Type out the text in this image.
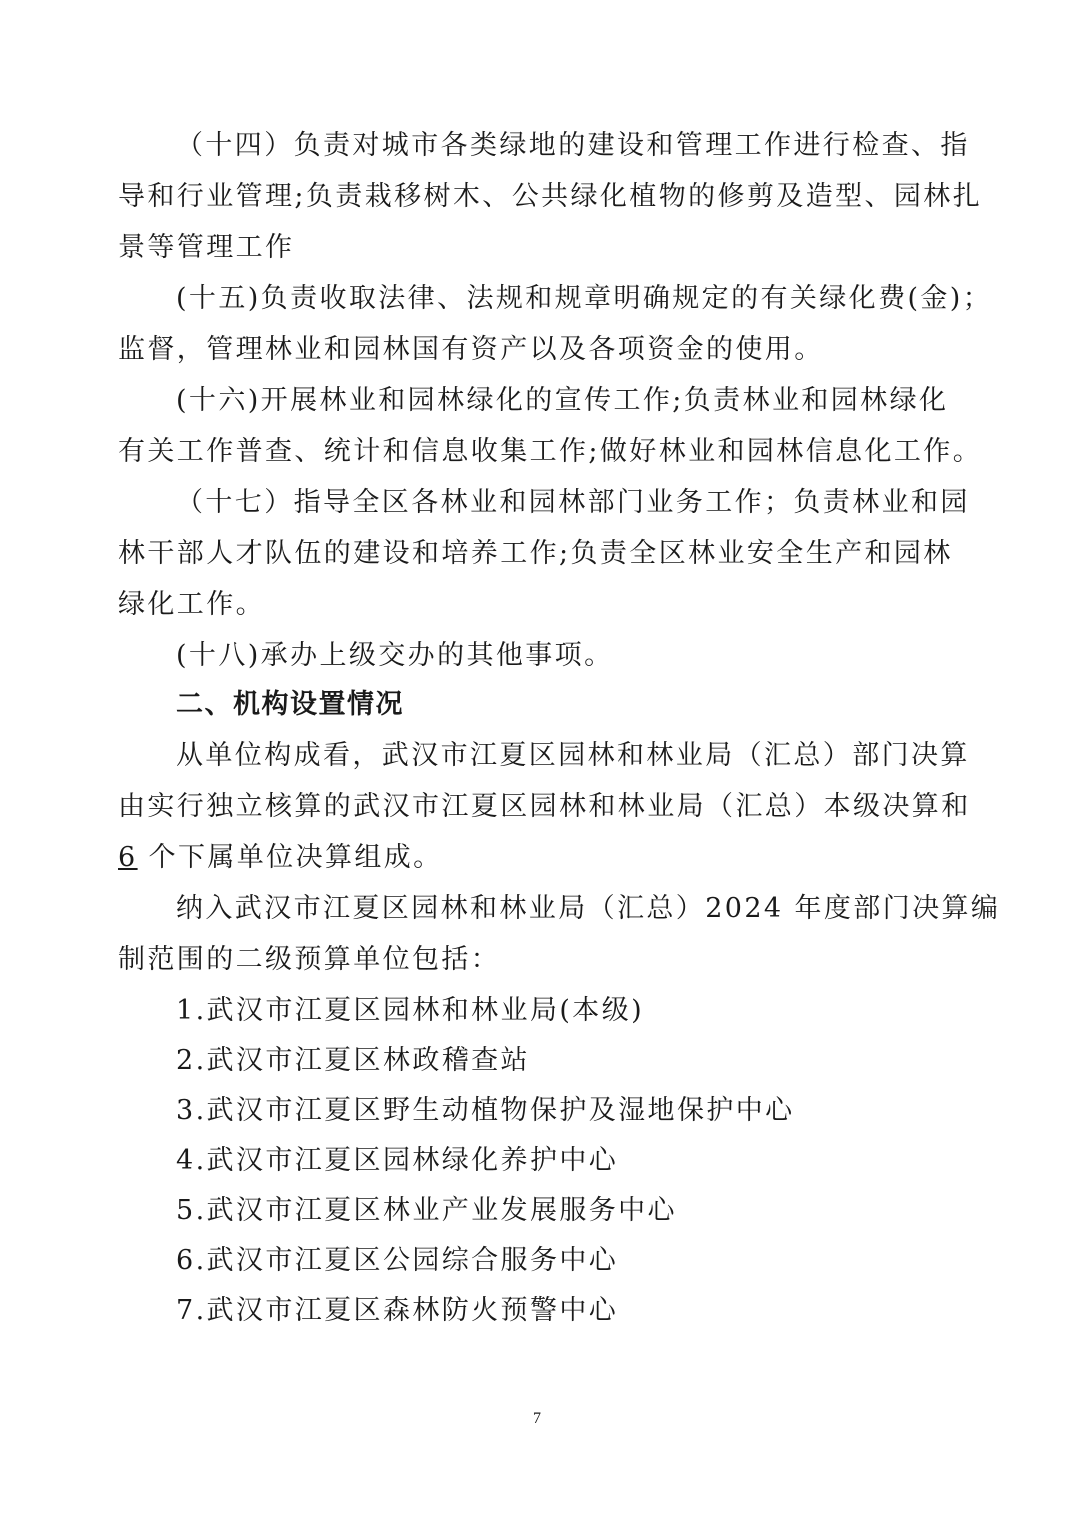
（十四）负责对城市各类绿地的建设和管理工作进行检查、指
导和行业管理;负责栽移树木、公共绿化植物的修剪及造型、园林扎
景等管理工作
(十五)负责收取法律、法规和规章明确规定的有关绿化费(金)；
监督，管理林业和园林国有资产以及各项资金的使用。
(十六)开展林业和园林绿化的宣传工作;负责林业和园林绿化
有关工作普查、统计和信息收集工作;做好林业和园林信息化工作。
（十七）指导全区各林业和园林部门业务工作；负责林业和园
林干部人才队伍的建设和培养工作;负责全区林业安全生产和园林
绿化工作。
(十八)承办上级交办的其他事项。
二、机构设置情况
从单位构成看，武汉市江夏区园林和林业局（汇总）部门决算
由实行独立核算的武汉市江夏区园林和林业局（汇总）本级决算和
6 个下属单位决算组成。
纳入武汉市江夏区园林和林业局（汇总）2024 年度部门决算编
制范围的二级预算单位包括：
1.武汉市江夏区园林和林业局(本级)
2.武汉市江夏区林政稽查站
3.武汉市江夏区野生动植物保护及湿地保护中心
4.武汉市江夏区园林绿化养护中心
5.武汉市江夏区林业产业发展服务中心
6.武汉市江夏区公园综合服务中心
7.武汉市江夏区森林防火预警中心
7
